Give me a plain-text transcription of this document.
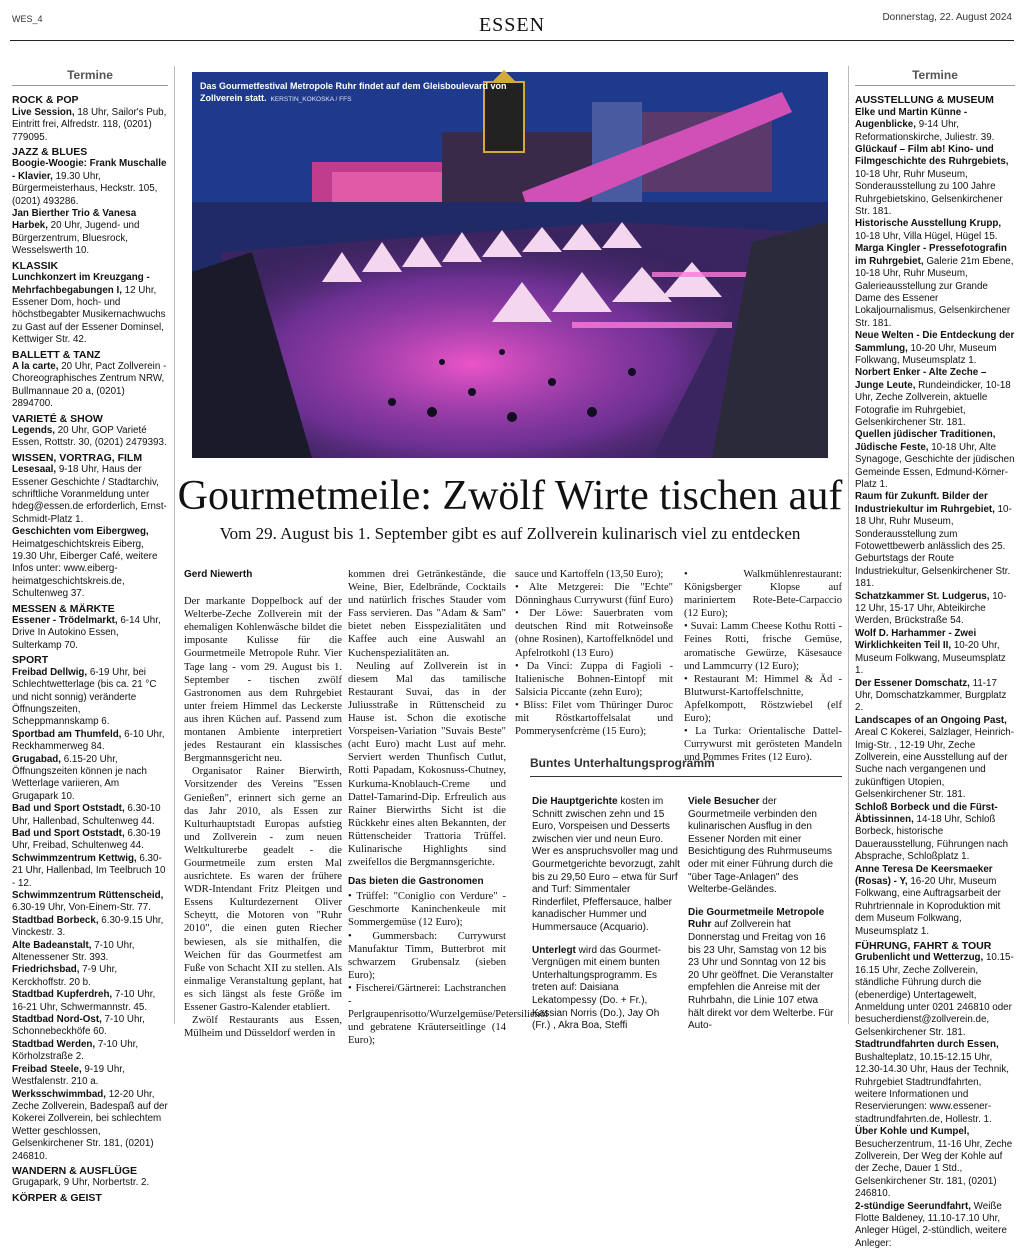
WES_4	ESSEN	Donnerstag, 22. August 2024
Termine
ROCK & POP
Live Session, 18 Uhr, Sailor's Pub, Eintritt frei, Alfredstr. 118, (0201) 779095.
JAZZ & BLUES
Boogie-Woogie: Frank Muschalle - Klavier, 19.30 Uhr, Bürgermeisterhaus, Heckstr. 105, (0201) 493286.
Jan Bierther Trio & Vanesa Harbek, 20 Uhr, Jugend- und Bürgerzentrum, Bluesrock, Wesselswerth 10.
KLASSIK
Lunchkonzert im Kreuzgang - Mehrfachbegabungen I, 12 Uhr, Essener Dom, hoch- und höchstbegabter Musikernachwuchs zu Gast auf der Essener Dominsel, Kettwiger Str. 42.
BALLETT & TANZ
A la carte, 20 Uhr, Pact Zollverein - Choreographisches Zentrum NRW, Bullmannaue 20 a, (0201) 2894700.
VARIETÉ & SHOW
Legends, 20 Uhr, GOP Varieté Essen, Rottstr. 30, (0201) 2479393.
WISSEN, VORTRAG, FILM
Lesesaal, 9-18 Uhr, Haus der Essener Geschichte / Stadtarchiv, schriftliche Voranmeldung unter hdeg@essen.de erforderlich, Ernst-Schmidt-Platz 1.
Geschichten vom Eibergweg, Heimatgeschichtskreis Eiberg, 19.30 Uhr, Eiberger Café, weitere Infos unter: www.eiberg-heimatgeschichtskreis.de, Schultenweg 37.
MESSEN & MÄRKTE
Essener - Trödelmarkt, 6-14 Uhr, Drive In Autokino Essen, Sulterkamp 70.
SPORT
Freibad Dellwig, 6-19 Uhr, bei Schlechtwetterlage (bis ca. 21 °C und nicht sonnig) veränderte Öffnungszeiten, Scheppmannskamp 6.
Sportbad am Thumfeld, 6-10 Uhr, Reckhammerweg 84.
Grugabad, 6.15-20 Uhr, Öffnungszeiten können je nach Wetterlage variieren, Am Grugapark 10.
Bad und Sport Oststadt, 6.30-10 Uhr, Hallenbad, Schultenweg 44.
Bad und Sport Oststadt, 6.30-19 Uhr, Freibad, Schultenweg 44.
Schwimmzentrum Kettwig, 6.30-21 Uhr, Hallenbad, Im Teelbruch 10 - 12.
Schwimmzentrum Rüttenscheid, 6.30-19 Uhr, Von-Einem-Str. 77.
Stadtbad Borbeck, 6.30-9.15 Uhr, Vinckestr. 3.
Alte Badeanstalt, 7-10 Uhr, Altenessener Str. 393.
Friedrichsbad, 7-9 Uhr, Kerckhoffstr. 20 b.
Stadtbad Kupferdreh, 7-10 Uhr, 16-21 Uhr, Schwermannstr. 45.
Stadtbad Nord-Ost, 7-10 Uhr, Schonnebeckhöfe 60.
Stadtbad Werden, 7-10 Uhr, Körholzstraße 2.
Freibad Steele, 9-19 Uhr, Westfalenstr. 210 a.
Werksschwimmbad, 12-20 Uhr, Zeche Zollverein, Badespaß auf der Kokerei Zollverein, bei schlechtem Wetter geschlossen, Gelsenkirchener Str. 181, (0201) 246810.
WANDERN & AUSFLÜGE
Grugapark, 9 Uhr, Norbertstr. 2.
KÖRPER & GEIST
Termine
AUSSTELLUNG & MUSEUM
Elke und Martin Künne - Augenblicke, 9-14 Uhr, Reformationskirche, Juliestr. 39.
Glückauf – Film ab! Kino- und Filmgeschichte des Ruhrgebiets, 10-18 Uhr, Ruhr Museum, Sonderausstellung zu 100 Jahre Ruhrgebietskino, Gelsenkirchener Str. 181.
Historische Ausstellung Krupp, 10-18 Uhr, Villa Hügel, Hügel 15.
Marga Kingler - Pressefotografin im Ruhrgebiet, Galerie 21m Ebene, 10-18 Uhr, Ruhr Museum, Galerieausstellung zur Grande Dame des Essener Lokaljournalismus, Gelsenkirchener Str. 181.
Neue Welten - Die Entdeckung der Sammlung, 10-20 Uhr, Museum Folkwang, Museumsplatz 1.
Norbert Enker - Alte Zeche – Junge Leute, Rundeindicker, 10-18 Uhr, Zeche Zollverein, aktuelle Fotografie im Ruhrgebiet, Gelsenkirchener Str. 181.
Quellen jüdischer Traditionen, Jüdische Feste, 10-18 Uhr, Alte Synagoge, Geschichte der jüdischen Gemeinde Essen, Edmund-Körner-Platz 1.
Raum für Zukunft. Bilder der Industriekultur im Ruhrgebiet, 10-18 Uhr, Ruhr Museum, Sonderausstellung zum Fotowettbewerb anlässlich des 25. Geburtstags der Route Industriekultur, Gelsenkirchener Str. 181.
Schatzkammer St. Ludgerus, 10-12 Uhr, 15-17 Uhr, Abteikirche Werden, Brückstraße 54.
Wolf D. Harhammer - Zwei Wirklichkeiten Teil II, 10-20 Uhr, Museum Folkwang, Museumsplatz 1.
Der Essener Domschatz, 11-17 Uhr, Domschatzkammer, Burgplatz 2.
Landscapes of an Ongoing Past, Areal C Kokerei, Salzlager, Heinrich-Imig-Str. , 12-19 Uhr, Zeche Zollverein, eine Ausstellung auf der Suche nach vergangenen und zukünftigen Utopien, Gelsenkirchener Str. 181.
Schloß Borbeck und die Fürst-Äbtissinnen, 14-18 Uhr, Schloß Borbeck, historische Dauerausstellung, Führungen nach Absprache, Schloßplatz 1.
Anne Teresa De Keersmaeker (Rosas) - Y, 16-20 Uhr, Museum Folkwang, eine Auftragsarbeit der Ruhrtriennale in Koproduktion mit dem Museum Folkwang, Museumsplatz 1.
FÜHRUNG, FAHRT & TOUR
Grubenlicht und Wetterzug, 10.15-16.15 Uhr, Zeche Zollverein, ständliche Führung durch die (ebenerdige) Untertagewelt, Anmeldung unter 0201 246810 oder besucherdienst@zollverein.de, Gelsenkirchener Str. 181.
Stadtrundfahrten durch Essen, Bushalteplatz, 10.15-12.15 Uhr, 12.30-14.30 Uhr, Haus der Technik, Ruhrgebiet Stadtrundfahrten, weitere Informationen und Reservierungen: www.essener-stadtrundfahrten.de, Hollestr. 1.
Über Kohle und Kumpel, Besucherzentrum, 11-16 Uhr, Zeche Zollverein, Der Weg der Kohle auf der Zeche, Dauer 1 Std., Gelsenkirchener Str. 181, (0201) 246810.
2-stündige Seerundfahrt, Weiße Flotte Baldeney, 11.10-17.10 Uhr, Anleger Hügel, 2-stündlich, weitere Anleger:
Das Gourmetfestival Metropole Ruhr findet auf dem Gleisboulevard von Zollverein statt. KERSTIN_KOKOSKA / FFS
Gourmetmeile: Zwölf Wirte tischen auf
Vom 29. August bis 1. September gibt es auf Zollverein kulinarisch viel zu entdecken
Gerd Niewerth

Der markante Doppelbock auf der Welterbe-Zeche Zollverein mit der ehemaligen Kohlenwäsche bildet die imposante Kulisse für die Gourmetmeile Metropole Ruhr. Vier Tage lang - vom 29. August bis 1. September - tischen zwölf Gastronomen aus dem Ruhrgebiet unter freiem Himmel das Leckerste aus ihren Küchen auf. Passend zum montanen Ambiente interpretiert jedes Restaurant ein klassisches Bergmannsgericht neu.

Organisator Rainer Bierwirth, Vorsitzender des Vereins "Essen Genießen", erinnert sich gerne an das Jahr 2010, als Essen zur Kulturhauptstadt Europas aufstieg und Zollverein - zum neuen Weltkulturerbe geadelt - die Gourmetmeile zum ersten Mal ausrichtete. Es waren der frühere WDR-Intendant Fritz Pleitgen und Essens Kulturdezernent Oliver Scheytt, die Motoren von "Ruhr 2010", die einen guten Riecher bewiesen, als sie mithalfen, die Weichen für das Gourmetfest am Fuße von Schacht XII zu stellen. Als einmalige Veranstaltung geplant, hat es sich längst als feste Größe im Essener Gastro-Kalender etabliert.

Zwölf Restaurants aus Essen, Mülheim und Düsseldorf werden in

kommen drei Getränkestände, die Weine, Bier, Edelbrände, Cocktails und natürlich frisches Stauder vom Fass servieren. Das "Adam & Sam" bietet neben Eisspezialitäten und Kaffee auch eine Auswahl an Kuchenspezialitäten an.

Neuling auf Zollverein ist in diesem Mal das tamilische Restaurant Suvai, das in der Juliusstraße in Rüttenscheid zu Hause ist. Schon die exotische Vorspeisen-Variation "Suvais Beste" (acht Euro) macht Lust auf mehr. Serviert werden Thunfisch Cutlut, Rotti Papadam, Kokosnuss-Chutney, Kurkuma-Knoblauch-Creme und Dattel-Tamarind-Dip. Erfreulich aus Rainer Bierwirths Sicht ist die Rückkehr eines alten Bekannten, der Rüttenscheider Trattoria Trüffel. Kulinarische Highlights sind zweifellos die Bergmannsgerichte.

Das bieten die Gastronomen

• Trüffel: "Coniglio con Verdure" - Geschmorte Kaninchenkeule mit Sommergemüse (12 Euro);

• Gummersbach: Currywurst Manufaktur Timm, Butterbrot mit schwarzem Grubensalz (sieben Euro);

• Fischerei/Gärtnerei: Lachstranchen - Perlgraupenrisotto/Wurzelgemüse/Petersilienöl und gebratene Kräuterseitlinge (14 Euro);

sauce und Kartoffeln (13,50 Euro);

• Alte Metzgerei: Die "Echte" Dönninghaus Currywurst (fünf Euro)

• Der Löwe: Sauerbraten vom deutschen Rind mit Rotweinsoße (ohne Rosinen), Kartoffelknödel und Apfelrotkohl (13 Euro)

• Da Vinci: Zuppa di Fagioli - Italienische Bohnen-Eintopf mit Salsicia Piccante (zehn Euro);

• Bliss: Filet vom Thüringer Duroc mit Röstkartoffelsalat und Pommerysenfcrème (15 Euro);

• Walkmühlenrestaurant: Königsberger Klopse auf mariniertem Rote-Bete-Carpaccio (12 Euro);

• Suvai: Lamm Cheese Kothu Rotti - Feines Rotti, frische Gemüse, aromatische Gewürze, Käsesauce und Lammcurry (12 Euro);

• Restaurant M: Himmel & Äd - Blutwurst-Kartoffelschnitte, Apfelkompott, Röstzwiebel (elf Euro);

• La Turka: Orientalische Dattel-Currywurst mit gerösteten Mandeln und Pommes Frites (12 Euro).

Buntes Unterhaltungsprogramm

Die Hauptgerichte kosten im Schnitt zwischen zehn und 15 Euro, Vorspeisen und Desserts zwischen vier und neun Euro. Wer es anspruchsvoller mag und Gourmetgerichte bevorzugt, zahlt bis zu 29,50 Euro – etwa für Surf and Turf: Simmentaler Rinderfilet, Pfeffersauce, halber kanadischer Hummer und Hummersauce (Acquario).

Unterlegt wird das Gourmet-Vergnügen mit einem bunten Unterhaltungsprogramm. Es treten auf: Daisiana Lekatompessy (Do. + Fr.), Kassian Norris (Do.), Jay Oh (Fr.) , Akra Boa, Steffi

Viele Besucher der Gourmetmeile verbinden den kulinarischen Ausflug in den Essener Norden mit einer Besichtigung des Ruhrmuseums oder mit einer Führung durch die "über Tage-Anlagen" des Welterbe-Geländes.

Die Gourmetmeile Metropole Ruhr auf Zollverein hat Donnerstag und Freitag von 16 bis 23 Uhr, Samstag von 12 bis 23 Uhr und Sonntag von 12 bis 20 Uhr geöffnet. Die Veranstalter empfehlen die Anreise mit der Ruhrbahn, die Linie 107 etwa hält direkt vor dem Welterbe. Für Auto-
